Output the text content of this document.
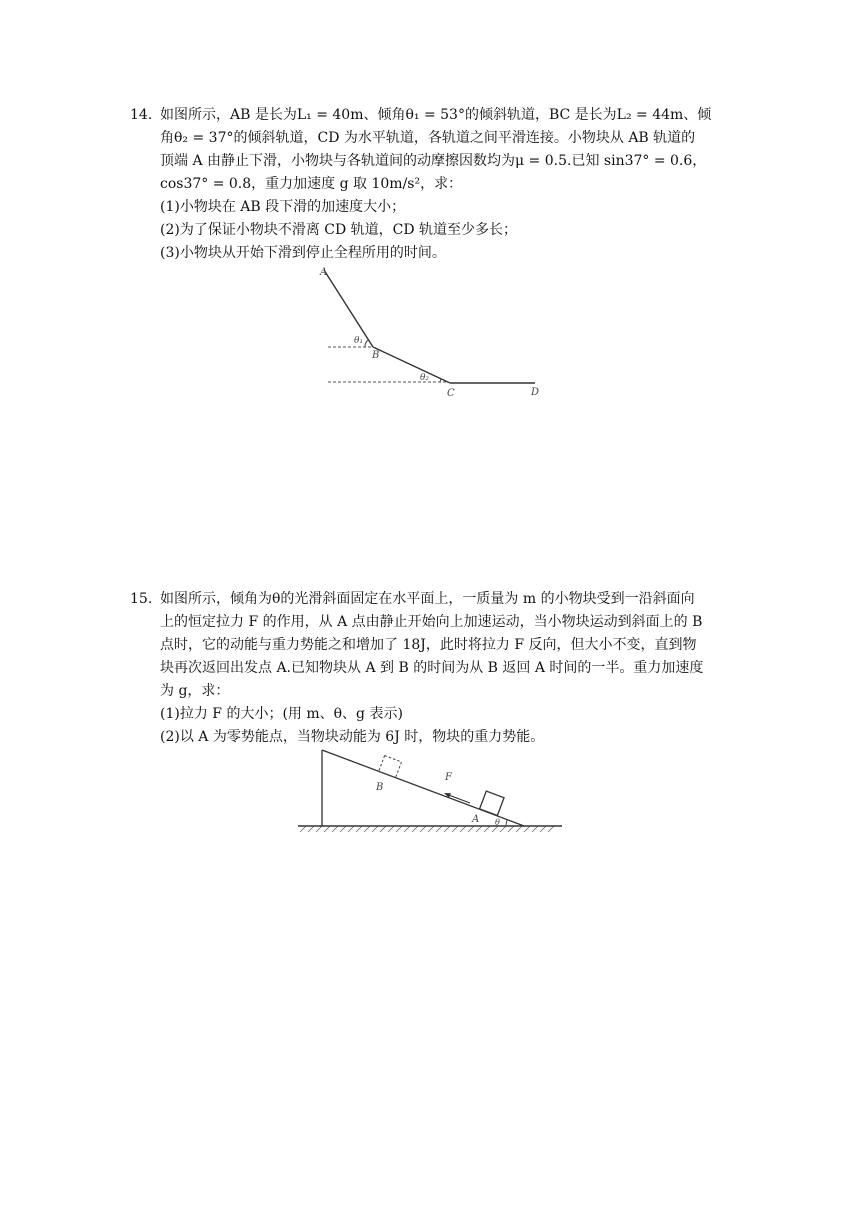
14. 如图所示，AB 是长为L₁ = 40m、倾角θ₁ = 53°的倾斜轨道，BC 是长为L₂ = 44m、倾
角θ₂ = 37°的倾斜轨道，CD 为水平轨道，各轨道之间平滑连接。小物块从 AB 轨道的
顶端 A 由静止下滑，小物块与各轨道间的动摩擦因数均为μ = 0.5.已知 sin37° = 0.6，
cos37° = 0.8，重力加速度 g 取 10m/s²，求：
(1)小物块在 AB 段下滑的加速度大小；
(2)为了保证小物块不滑离 CD 轨道，CD 轨道至少多长；
(3)小物块从开始下滑到停止全程所用的时间。
A
θ₁
B
θ₂
C	D
15. 如图所示，倾角为θ的光滑斜面固定在水平面上，一质量为 m 的小物块受到一沿斜面向
上的恒定拉力 F 的作用，从 A 点由静止开始向上加速运动，当小物块运动到斜面上的 B
点时，它的动能与重力势能之和增加了 18J，此时将拉力 F 反向，但大小不变，直到物
块再次返回出发点 A.已知物块从 A 到 B 的时间为从 B 返回 A 时间的一半。重力加速度
为 g，求：
(1)拉力 F 的大小；(用 m、θ、g 表示)
(2)以 A 为零势能点，当物块动能为 6J 时，物块的重力势能。
F
B
A θ
